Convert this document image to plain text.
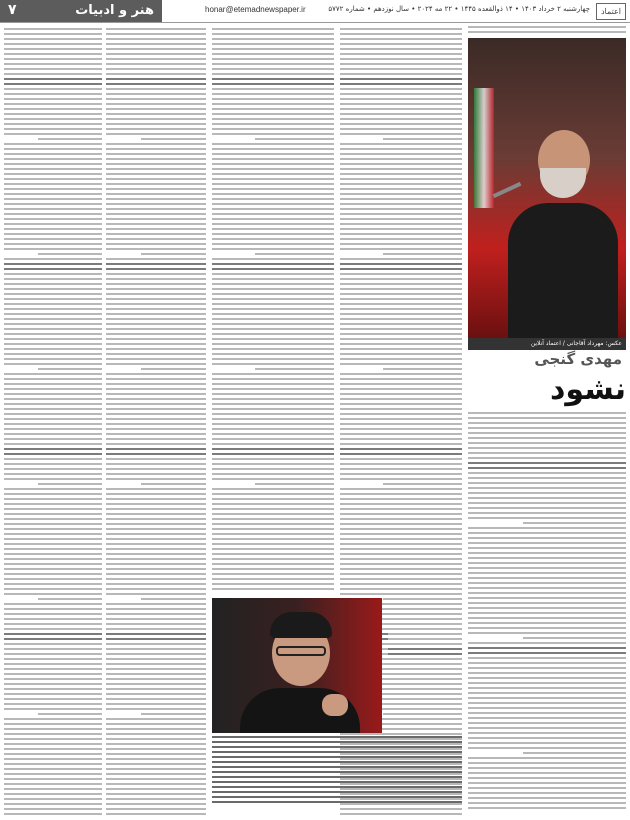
۷	هنر و ادبیات	honar@etemadnewspaper.ir	چهارشنبه ۲ خرداد ۱۴۰۳ • ۱۴ ذوالقعده ۱۴۴۵ • ۲۲ مه ۲۰۲۴ • سال نوزدهم • شماره ۵۷۷۲	اعتماد
عکس: مهرداد آقاجانی / اعتماد آنلاین
مهدی گنجی
نشود
